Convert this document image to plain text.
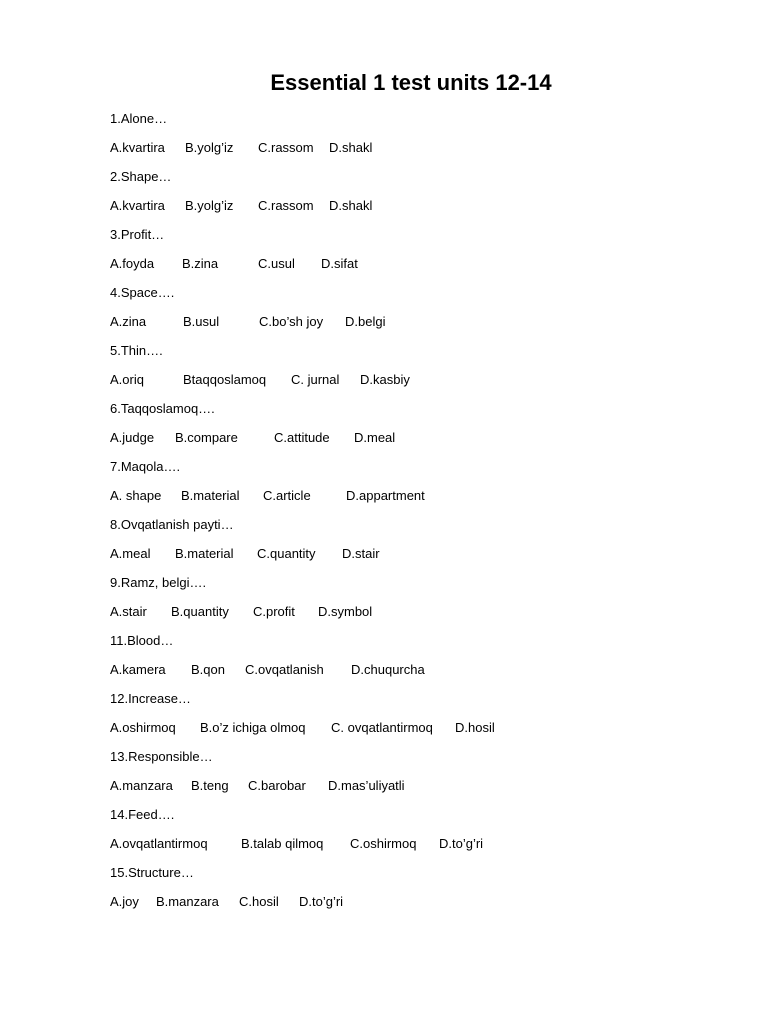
Essential 1 test units 12-14
1.Alone…
A.kvartira B.yolg’iz C.rassom D.shakl
2.Shape…
A.kvartira B.yolg’iz C.rassom D.shakl
3.Profit…
A.foyda B.zina	C.usul D.sifat
4.Space….
A.zina	B.usul	C.bo’sh joy D.belgi
5.Thin….
A.oriq	Btaqqoslamoq C. jurnal D.kasbiy
6.Taqqoslamoq….
A.judge B.compare	C.attitude D.meal
7.Maqola….
A. shape B.material C.article	D.appartment
8.Ovqatlanish payti…
A.meal B.material C.quantity D.stair
9.Ramz, belgi….
A.stair B.quantity C.profit D.symbol
11.Blood…
A.kamera B.qon C.ovqatlanish D.chuqurcha
12.Increase…
A.oshirmoq B.o’z ichiga olmoq C. ovqatlantirmoq D.hosil
13.Responsible…
A.manzara B.teng C.barobar D.mas’uliyatli
14.Feed….
A.ovqatlantirmoq	B.talab qilmoq C.oshirmoq D.to’g’ri
15.Structure…
A.joy B.manzara C.hosil D.to’g’ri
